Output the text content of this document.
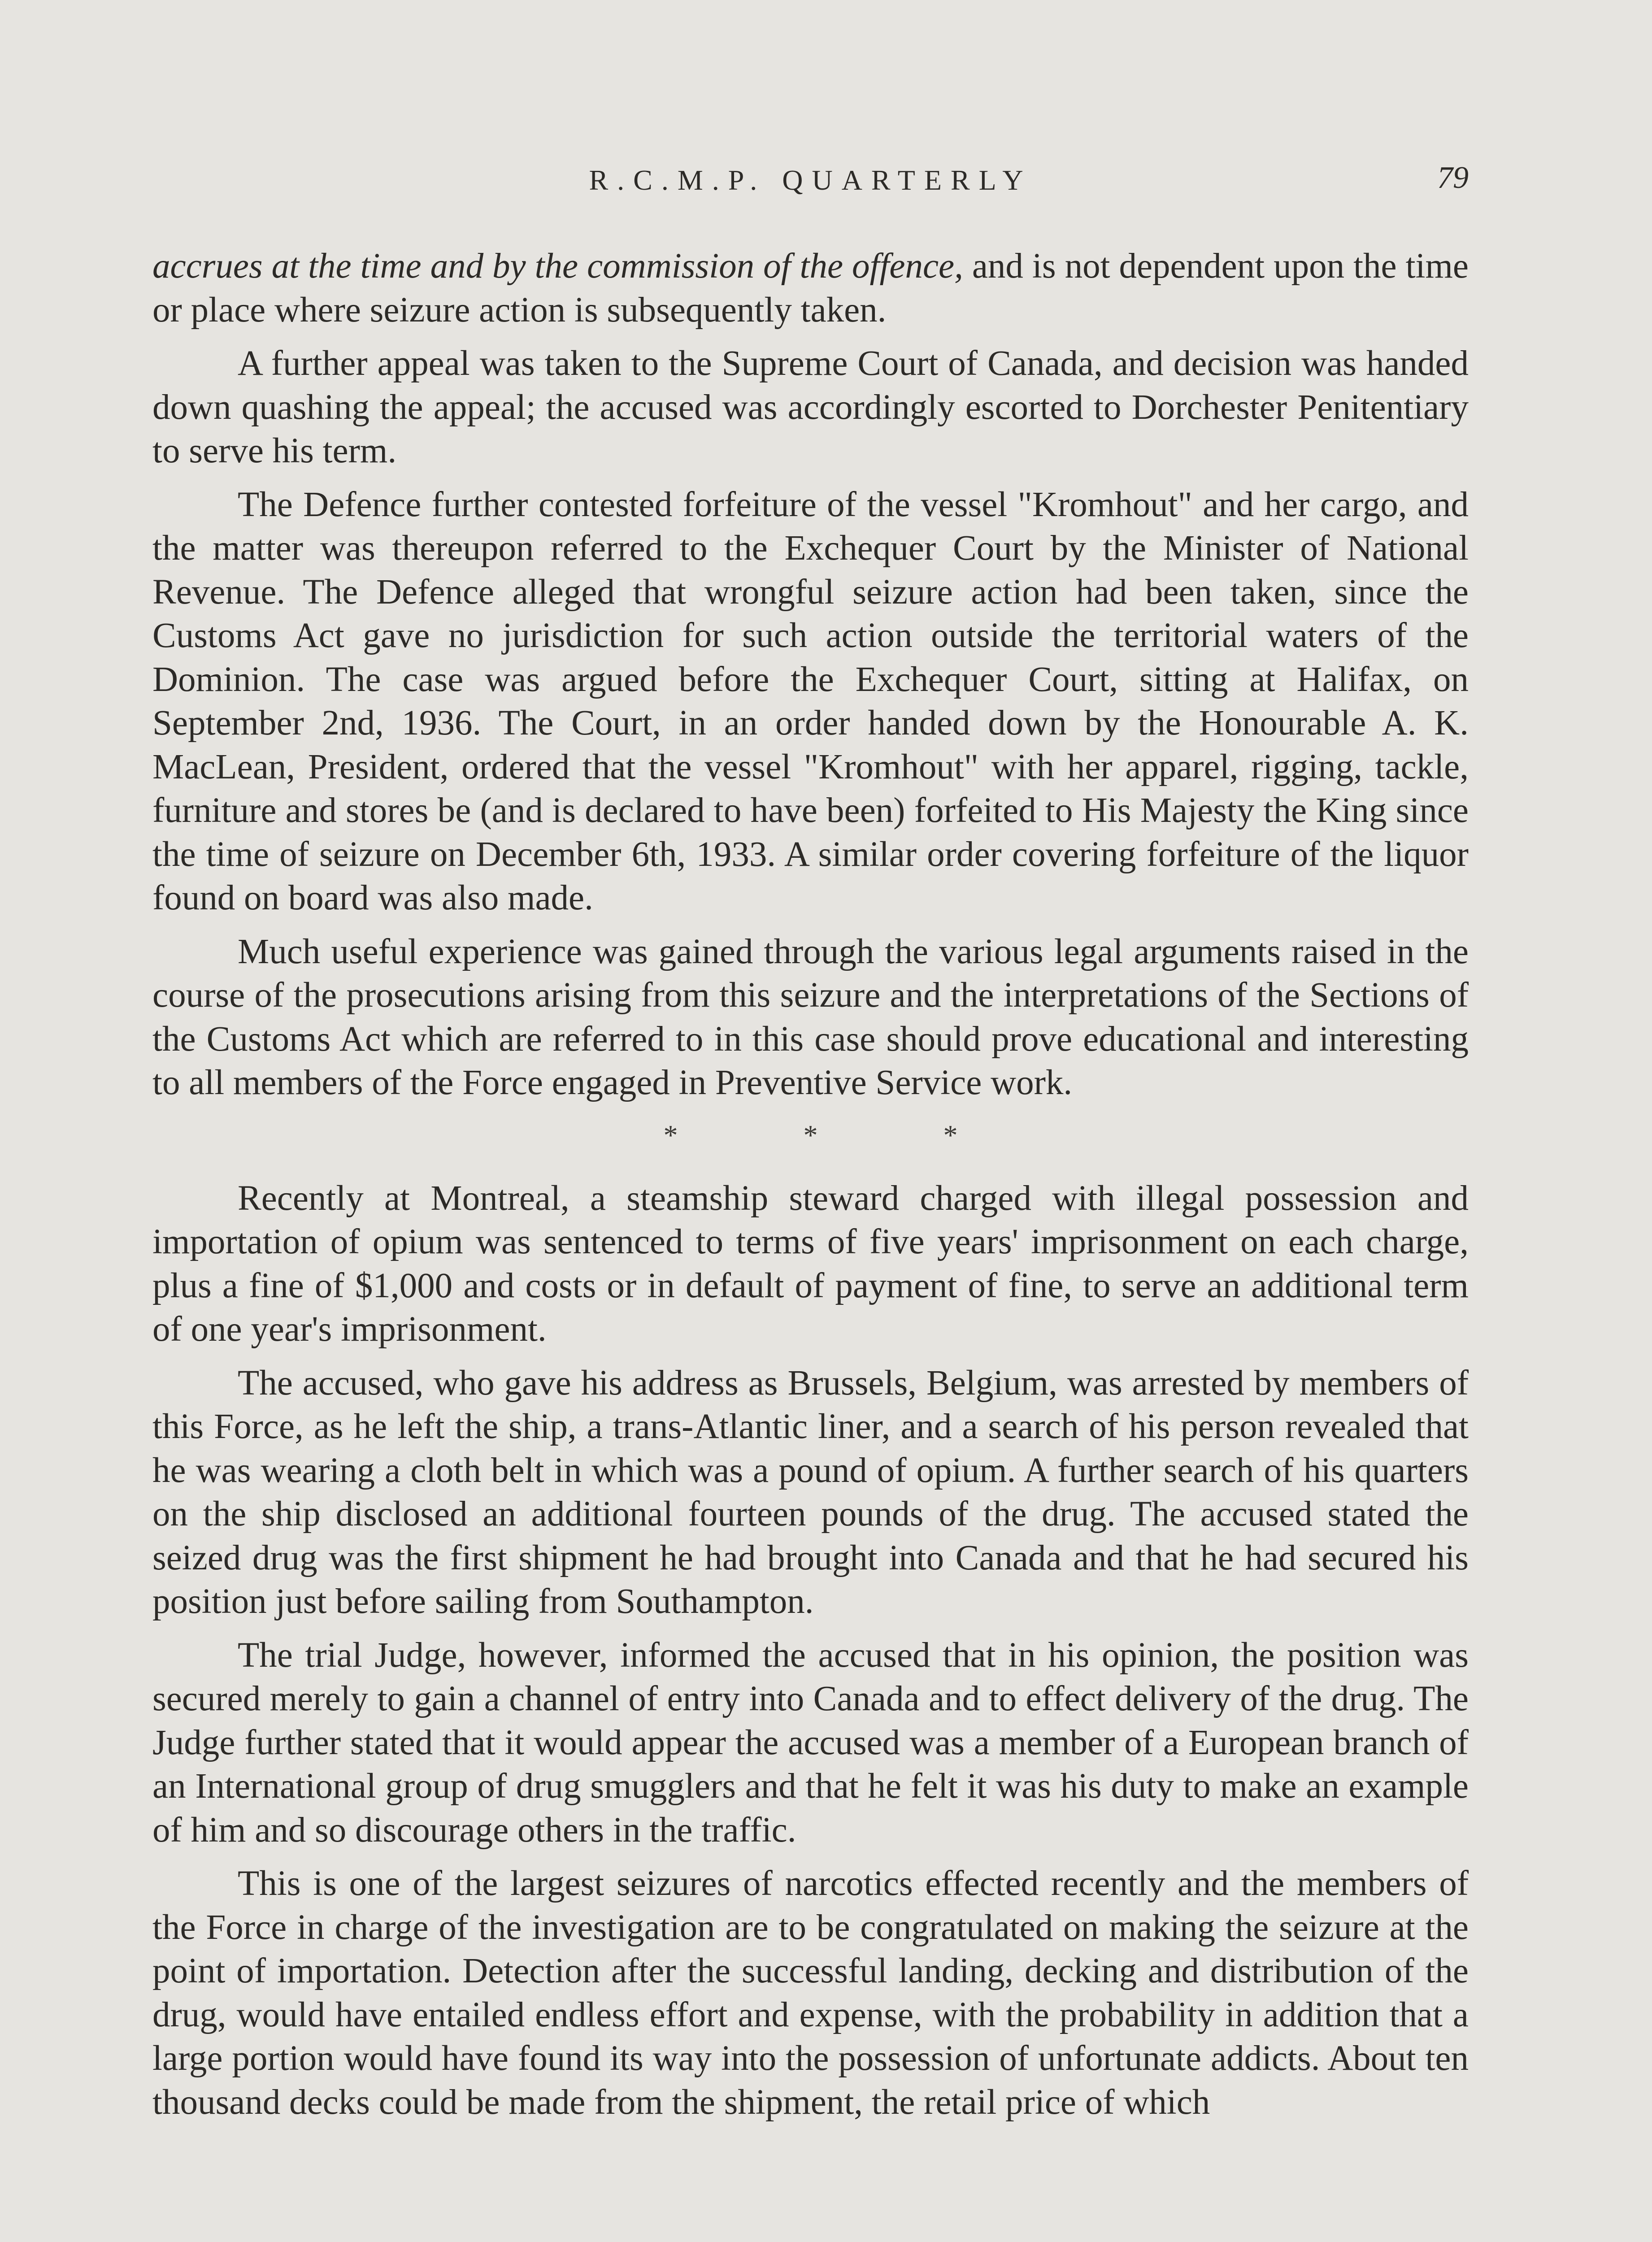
R.C.M.P. QUARTERLY	79

accrues at the time and by the commission of the offence, and is not dependent upon the time or place where seizure action is subsequently taken.

A further appeal was taken to the Supreme Court of Canada, and decision was handed down quashing the appeal; the accused was accordingly escorted to Dorchester Penitentiary to serve his term.

The Defence further contested forfeiture of the vessel "Kromhout" and her cargo, and the matter was thereupon referred to the Exchequer Court by the Minister of National Revenue. The Defence alleged that wrongful seizure action had been taken, since the Customs Act gave no jurisdiction for such action outside the territorial waters of the Dominion. The case was argued before the Exchequer Court, sitting at Halifax, on September 2nd, 1936. The Court, in an order handed down by the Honourable A. K. MacLean, President, ordered that the vessel "Kromhout" with her apparel, rigging, tackle, furniture and stores be (and is declared to have been) forfeited to His Majesty the King since the time of seizure on December 6th, 1933. A similar order covering forfeiture of the liquor found on board was also made.

Much useful experience was gained through the various legal arguments raised in the course of the prosecutions arising from this seizure and the interpretations of the Sections of the Customs Act which are referred to in this case should prove educational and interesting to all members of the Force engaged in Preventive Service work.

*	*	*

Recently at Montreal, a steamship steward charged with illegal possession and importation of opium was sentenced to terms of five years' imprisonment on each charge, plus a fine of $1,000 and costs or in default of payment of fine, to serve an additional term of one year's imprisonment.

The accused, who gave his address as Brussels, Belgium, was arrested by members of this Force, as he left the ship, a trans-Atlantic liner, and a search of his person revealed that he was wearing a cloth belt in which was a pound of opium. A further search of his quarters on the ship disclosed an additional fourteen pounds of the drug. The accused stated the seized drug was the first shipment he had brought into Canada and that he had secured his position just before sailing from Southampton.

The trial Judge, however, informed the accused that in his opinion, the position was secured merely to gain a channel of entry into Canada and to effect delivery of the drug. The Judge further stated that it would appear the accused was a member of a European branch of an International group of drug smugglers and that he felt it was his duty to make an example of him and so discourage others in the traffic.

This is one of the largest seizures of narcotics effected recently and the members of the Force in charge of the investigation are to be congratulated on making the seizure at the point of importation. Detection after the successful landing, decking and distribution of the drug, would have entailed endless effort and expense, with the probability in addition that a large portion would have found its way into the possession of unfortunate addicts. About ten thousand decks could be made from the shipment, the retail price of which
